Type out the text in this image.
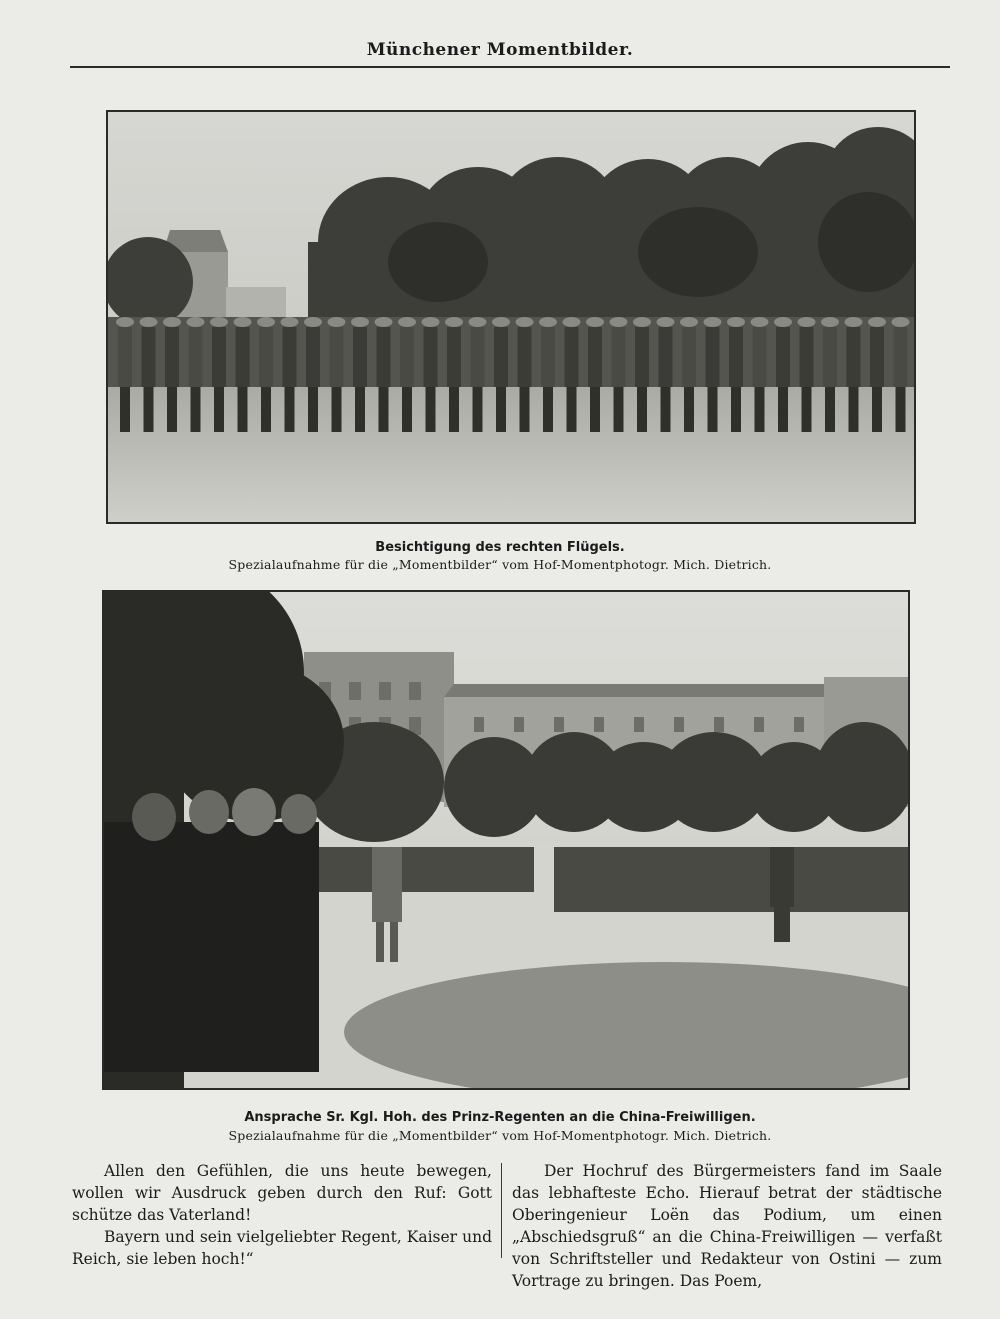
Münchener Momentbilder.
Besichtigung des rechten Flügels.
Spezialaufnahme für die „Momentbilder“ vom Hof-Momentphotogr. Mich. Dietrich.
Ansprache Sr. Kgl. Hoh. des Prinz-Regenten an die China-Freiwilligen.
Spezialaufnahme für die „Momentbilder“ vom Hof-Momentphotogr. Mich. Dietrich.

Allen den Gefühlen, die uns heute bewegen, wollen wir Ausdruck geben durch den Ruf: Gott schütze das Vaterland!

Bayern und sein vielgeliebter Regent, Kaiser und Reich, sie leben hoch!“

Der Hochruf des Bürgermeisters fand im Saale das lebhafteste Echo. Hierauf betrat der städtische Oberingenieur Loën das Podium, um einen „Abschiedsgruß“ an die China-Freiwilligen — verfaßt von Schriftsteller und Redakteur von Ostini — zum Vortrage zu bringen. Das Poem,
